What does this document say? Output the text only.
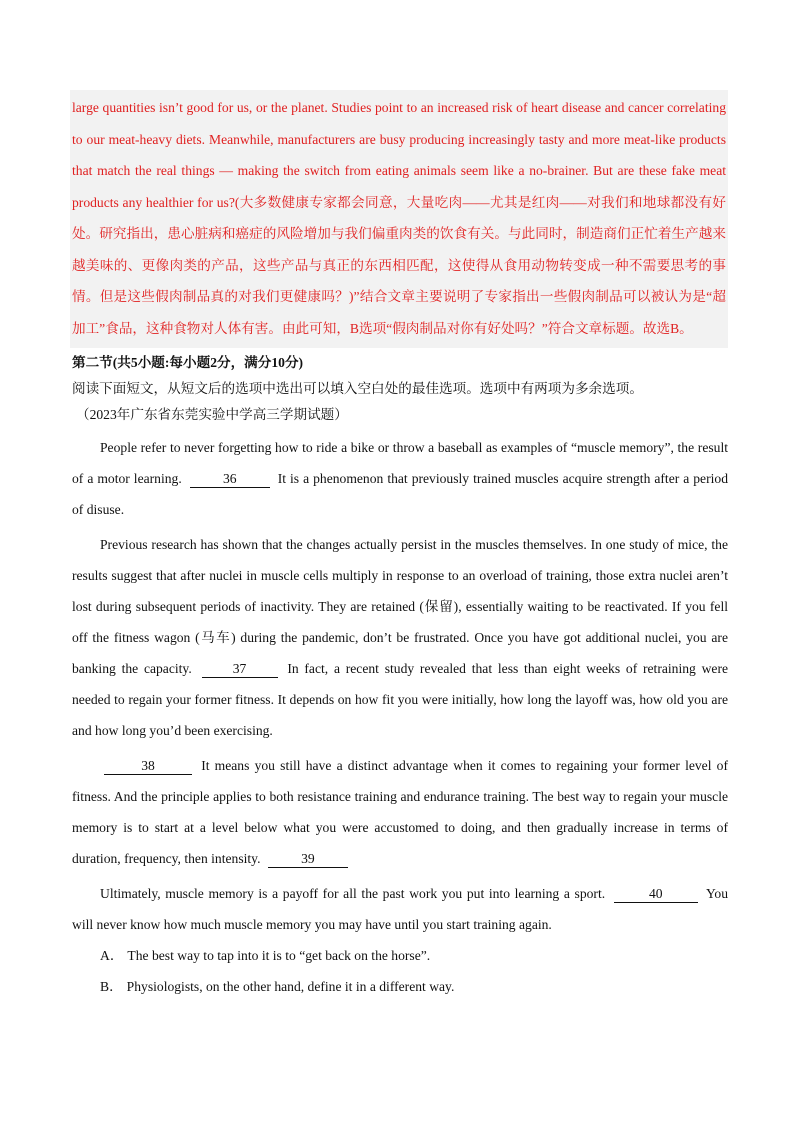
large quantities isn’t good for us, or the planet. Studies point to an increased risk of heart disease and cancer correlating to our meat-heavy diets. Meanwhile, manufacturers are busy producing increasingly tasty and more meat-like products that match the real things — making the switch from eating animals seem like a no-brainer. But are these fake meat products any healthier for us?(大多数健康专家都会同意，大量吃肉——尤其是红肉——对我们和地球都没有好处。研究指出，患心脏病和癌症的风险增加与我们偏重肉类的饮食有关。与此同时，制造商们正忙着生产越来越美味的、更像肉类的产品，这些产品与真正的东西相匹配，这使得从食用动物转变成一种不需要思考的事情。但是这些假肉制品真的对我们更健康吗？)”结合文章主要说明了专家指出一些假肉制品可以被认为是“超加工”食品，这种食物对人体有害。由此可知，B选项“假肉制品对你有好处吗？”符合文章标题。故选B。
第二节(共5小题:每小题2分，满分10分)
阅读下面短文，从短文后的选项中选出可以填入空白处的最佳选项。选项中有两项为多余选项。
（2023年广东省东莞实验中学高三学期试题）

People refer to never forgetting how to ride a bike or throw a baseball as examples of “muscle memory”, the result of a motor learning.	36	It is a phenomenon that previously trained muscles acquire strength after a period of disuse.

Previous research has shown that the changes actually persist in the muscles themselves. In one study of mice, the results suggest that after nuclei in muscle cells multiply in response to an overload of training, those extra nuclei aren’t lost during subsequent periods of inactivity. They are retained (保留), essentially waiting to be reactivated. If you fell off the fitness wagon (马车) during the pandemic, don’t be frustrated. Once you have got additional nuclei, you are banking the capacity.	37	In fact, a recent study revealed that less than eight weeks of retraining were needed to regain your former fitness. It depends on how fit you were initially, how long the layoff was, how old you are and how long you’d been exercising.

38	It means you still have a distinct advantage when it comes to regaining your former level of fitness. And the principle applies to both resistance training and endurance training. The best way to regain your muscle memory is to start at a level below what you were accustomed to doing, and then gradually increase in terms of duration, frequency, then intensity.	39

Ultimately, muscle memory is a payoff for all the past work you put into learning a sport.	40	You will never know how much muscle memory you may have until you start training again.

A． The best way to tap into it is to “get back on the horse”.
B． Physiologists, on the other hand, define it in a different way.
